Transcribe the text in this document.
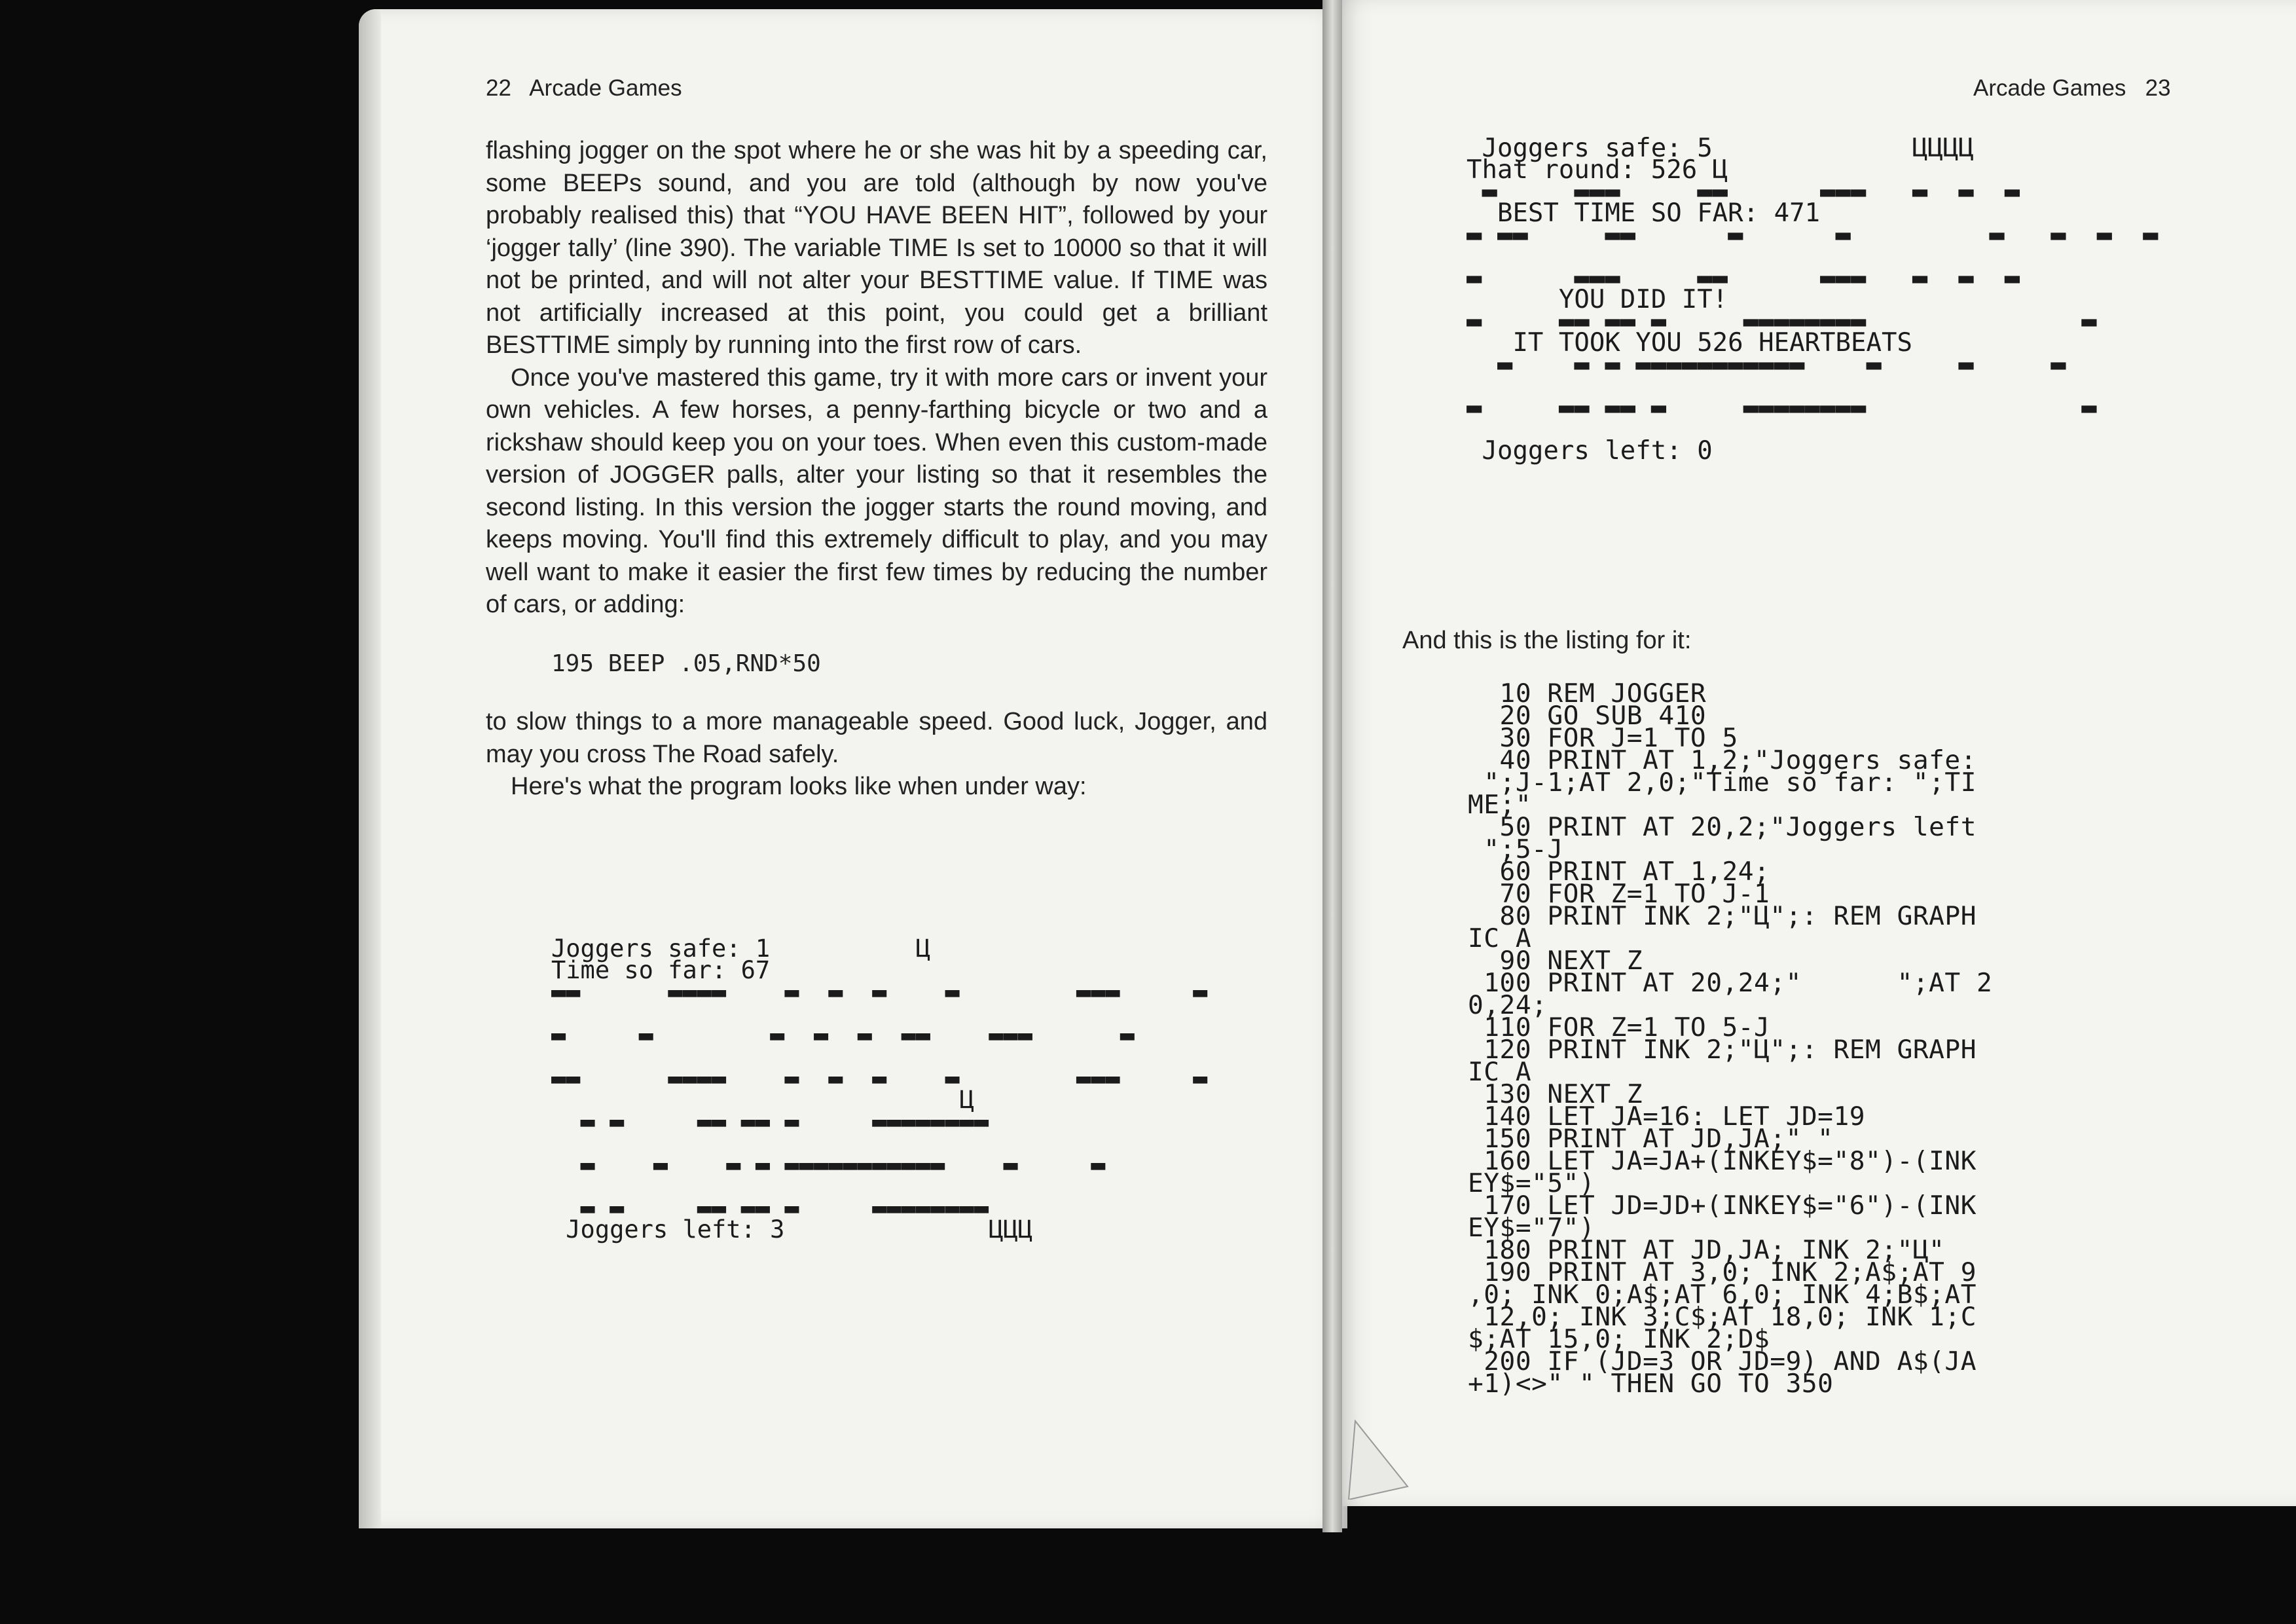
22 Arcade Games	Arcade Games 23

flashing jogger on the spot where he or she was hit by a speeding car, some BEEPs sound, and you are told (although by now you've probably realised this) that “YOU HAVE BEEN HIT”, followed by your ‘jogger tally’ (line 390). The variable TIME Is set to 10000 so that it will not be printed, and will not alter your BESTTIME value. If TIME was not artificially increased at this point, you could get a brilliant BESTTIME simply by running into the first row of cars.

Once you've mastered this game, try it with more cars or invent your own vehicles. A few horses, a penny-farthing bicycle or two and a rickshaw should keep you on your toes. When even this custom-made version of JOGGER palls, alter your listing so that it resembles the second listing. In this version the jogger starts the round moving, and keeps moving. You'll find this extremely difficult to play, and you may well want to make it easier the first few times by reducing the number of cars, or adding:

195 BEEP .05,RND*50

to slow things to a more manageable speed. Good luck, Jogger, and may you cross The Road safely.

Here's what the program looks like when under way:

Joggers safe: 1          Ц
Time so far: 67
▬▬      ▬▬▬▬    ▬  ▬  ▬    ▬        ▬▬▬     ▬

▬     ▬        ▬  ▬  ▬  ▬▬    ▬▬▬      ▬

▬▬      ▬▬▬▬    ▬  ▬  ▬    ▬        ▬▬▬     ▬
Ц
▬ ▬     ▬▬ ▬▬ ▬     ▬▬▬▬▬▬▬▬

▬    ▬    ▬ ▬ ▬▬▬▬▬▬▬▬▬▬▬    ▬     ▬

▬ ▬     ▬▬ ▬▬ ▬     ▬▬▬▬▬▬▬▬
Joggers left: 3              ЦЦЦ
Joggers safe: 5             ЦЦЦЦ
That round: 526 Ц
▬     ▬▬▬     ▬▬      ▬▬▬   ▬  ▬  ▬
BEST TIME SO FAR: 471
▬ ▬▬     ▬▬      ▬      ▬         ▬   ▬  ▬  ▬

▬      ▬▬▬     ▬▬      ▬▬▬   ▬  ▬  ▬
YOU DID IT!
▬     ▬▬ ▬▬ ▬     ▬▬▬▬▬▬▬▬              ▬
IT TOOK YOU 526 HEARTBEATS
▬    ▬ ▬ ▬▬▬▬▬▬▬▬▬▬▬    ▬     ▬     ▬

▬     ▬▬ ▬▬ ▬     ▬▬▬▬▬▬▬▬              ▬

Joggers left: 0
And this is the listing for it:
10 REM JOGGER
20 GO SUB 410
30 FOR J=1 TO 5
40 PRINT AT 1,2;"Joggers safe:
";J-1;AT 2,0;"Time so far: ";TI
ME;"
50 PRINT AT 20,2;"Joggers left
";5-J
60 PRINT AT 1,24;
70 FOR Z=1 TO J-1
80 PRINT INK 2;"Ц";: REM GRAPH
IC A
90 NEXT Z
100 PRINT AT 20,24;"      ";AT 2
0,24;
110 FOR Z=1 TO 5-J
120 PRINT INK 2;"Ц";: REM GRAPH
IC A
130 NEXT Z
140 LET JA=16: LET JD=19
150 PRINT AT JD,JA;" "
160 LET JA=JA+(INKEY$="8")-(INK
EY$="5")
170 LET JD=JD+(INKEY$="6")-(INK
EY$="7")
180 PRINT AT JD,JA; INK 2;"Ц"
190 PRINT AT 3,0; INK 2;A$;AT 9
,0; INK 0;A$;AT 6,0; INK 4;B$;AT
12,0; INK 3;C$;AT 18,0; INK 1;C
$;AT 15,0; INK 2;D$
200 IF (JD=3 OR JD=9) AND A$(JA
+1)<>" " THEN GO TO 350
